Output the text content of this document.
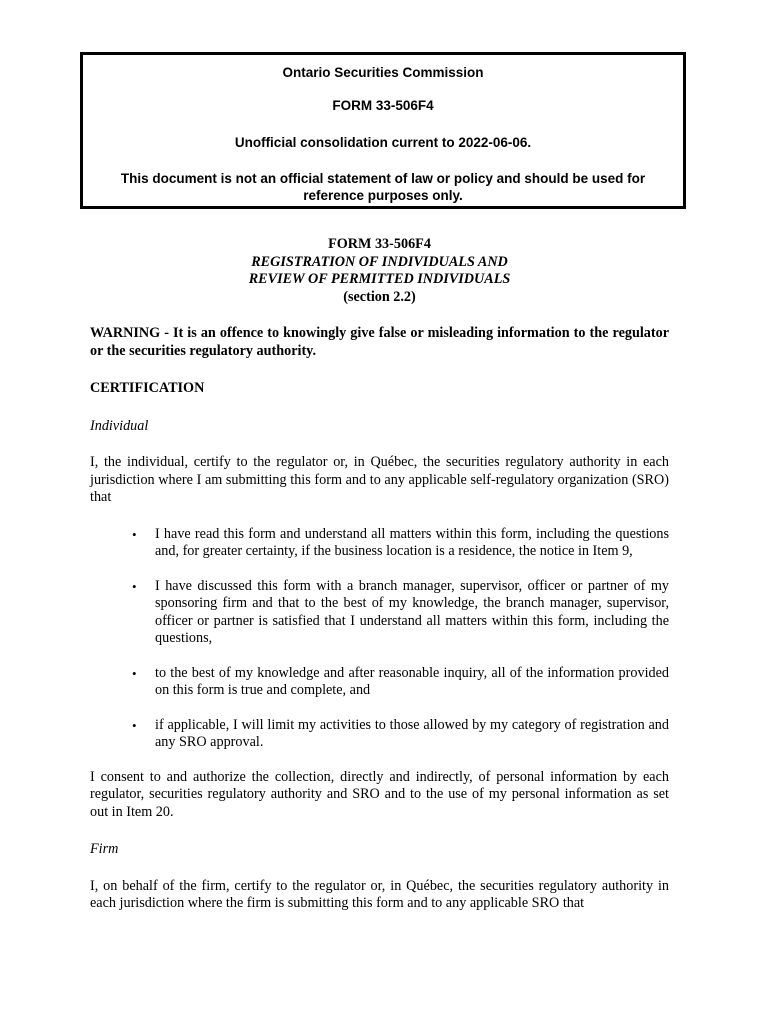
Ontario Securities Commission
FORM 33-506F4
Unofficial consolidation current to 2022-06-06.
This document is not an official statement of law or policy and should be used for reference purposes only.
FORM 33-506F4
REGISTRATION OF INDIVIDUALS AND
REVIEW OF PERMITTED INDIVIDUALS
(section 2.2)

WARNING - It is an offence to knowingly give false or misleading information to the regulator or the securities regulatory authority.

CERTIFICATION

Individual

I, the individual, certify to the regulator or, in Québec, the securities regulatory authority in each jurisdiction where I am submitting this form and to any applicable self-regulatory organization (SRO) that

• I have read this form and understand all matters within this form, including the questions and, for greater certainty, if the business location is a residence, the notice in Item 9,
• I have discussed this form with a branch manager, supervisor, officer or partner of my sponsoring firm and that to the best of my knowledge, the branch manager, supervisor, officer or partner is satisfied that I understand all matters within this form, including the questions,
• to the best of my knowledge and after reasonable inquiry, all of the information provided on this form is true and complete, and
• if applicable, I will limit my activities to those allowed by my category of registration and any SRO approval.

I consent to and authorize the collection, directly and indirectly, of personal information by each regulator, securities regulatory authority and SRO and to the use of my personal information as set out in Item 20.

Firm

I, on behalf of the firm, certify to the regulator or, in Québec, the securities regulatory authority in each jurisdiction where the firm is submitting this form and to any applicable SRO that
